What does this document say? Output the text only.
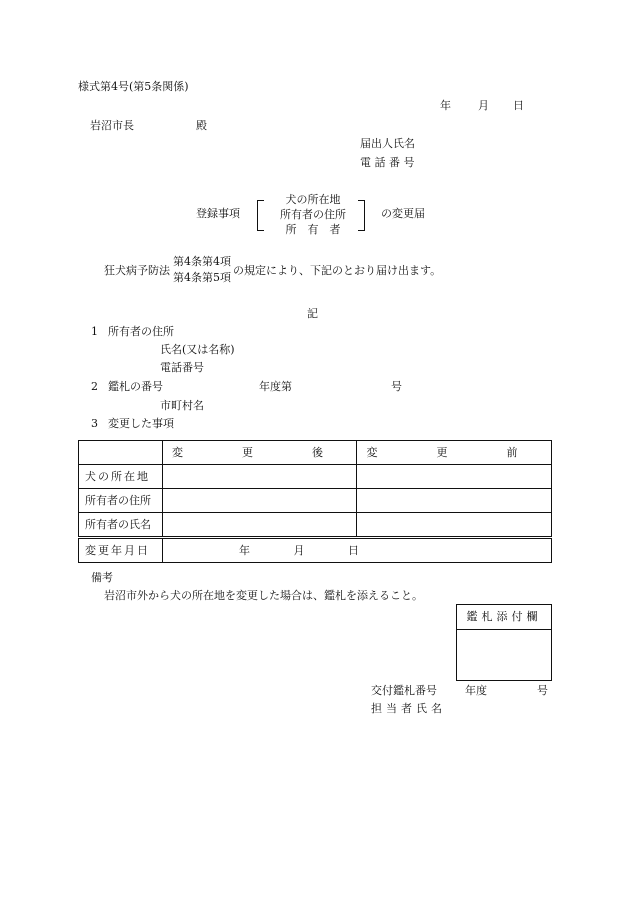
様式第4号(第5条関係)
年 月 日
岩沼市長	殿
届出人氏名
電 話 番 号
登録事項
犬の所在地
所有者の住所
所　有　者
の変更届
狂犬病予防法
第4条第4項
第4条第5項
の規定により、下記のとおり届け出ます。
記
1 所有者の住所
氏名(又は名称)
電話番号
2 鑑札の番号	年度第	号
市町村名
3 変更した事項
	変　更　後	変　更　前
犬の所在地		
所有者の住所		
所有者の氏名		
変更年月日	年 月 日	
備考
岩沼市外から犬の所在地を変更した場合は、鑑札を添えること。
鑑札添付欄
交付鑑札番号	年度	号
担当者氏名
